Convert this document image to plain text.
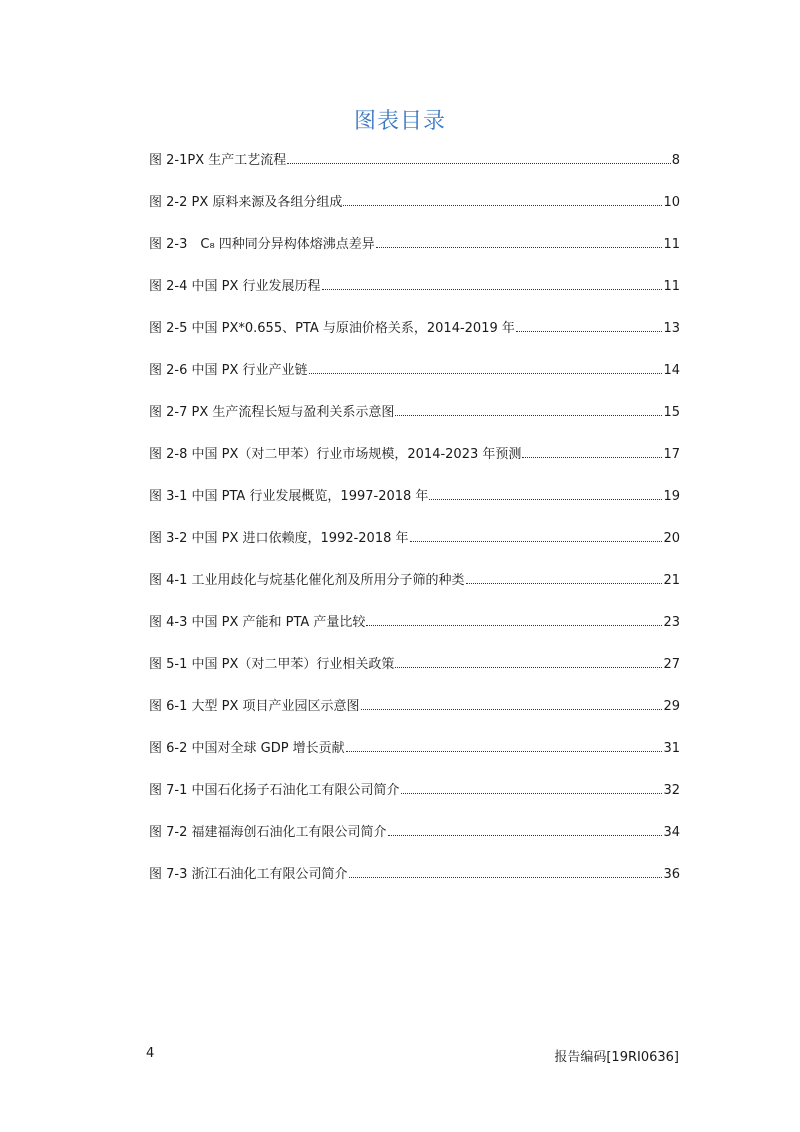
图表目录
图 2-1PX 生产工艺流程	8
图 2-2 PX 原料来源及各组分组成	10
图 2-3　C₈ 四种同分异构体熔沸点差异	11
图 2-4 中国 PX 行业发展历程	11
图 2-5 中国 PX*0.655、PTA 与原油价格关系，2014-2019 年	13
图 2-6 中国 PX 行业产业链	14
图 2-7 PX 生产流程长短与盈利关系示意图	15
图 2-8 中国 PX（对二甲苯）行业市场规模，2014-2023 年预测	17
图 3-1 中国 PTA 行业发展概览，1997-2018 年	19
图 3-2 中国 PX 进口依赖度，1992-2018 年	20
图 4-1 工业用歧化与烷基化催化剂及所用分子筛的种类	21
图 4-3 中国 PX 产能和 PTA 产量比较	23
图 5-1 中国 PX（对二甲苯）行业相关政策	27
图 6-1 大型 PX 项目产业园区示意图	29
图 6-2 中国对全球 GDP 增长贡献	31
图 7-1 中国石化扬子石油化工有限公司简介	32
图 7-2 福建福海创石油化工有限公司简介	34
图 7-3 浙江石油化工有限公司简介	36
4	报告编码[19RI0636]
